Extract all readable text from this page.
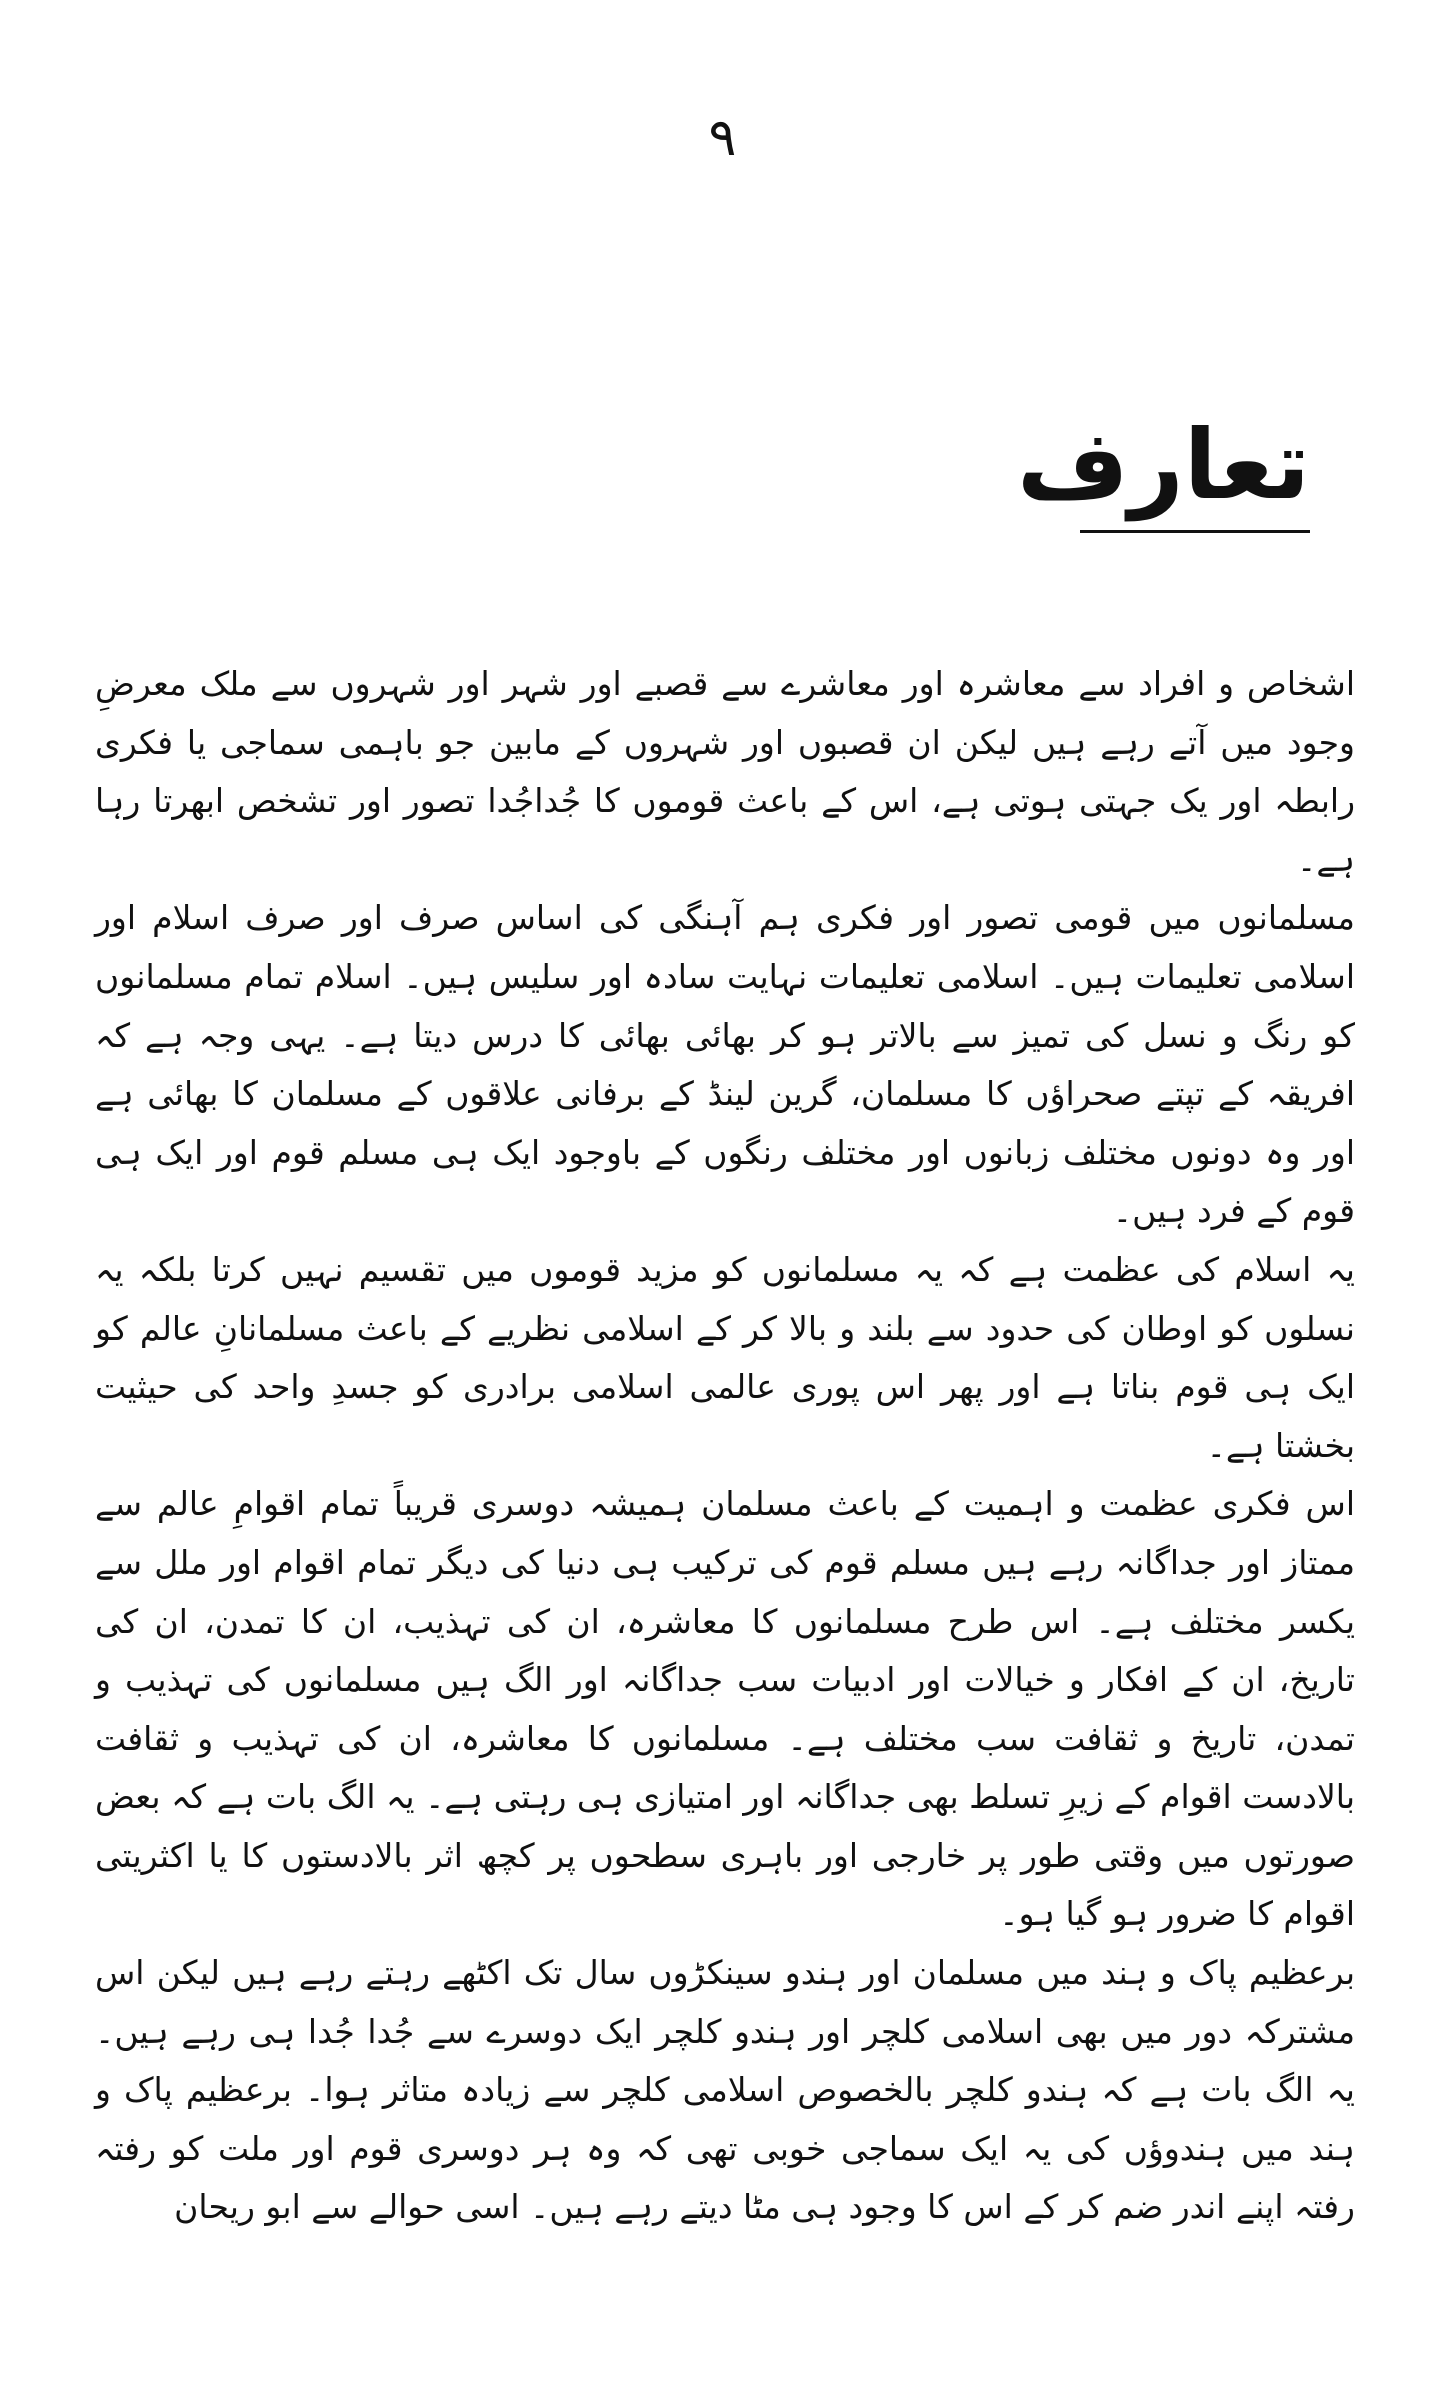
۹
تعارف

اشخاص و افراد سے معاشرہ اور معاشرے سے قصبے اور شہر اور شہروں سے ملک معرضِ وجود میں آتے رہے ہیں لیکن ان قصبوں اور شہروں کے مابین جو باہمی سماجی یا فکری رابطہ اور یک جہتی ہوتی ہے، اس کے باعث قوموں کا جُداجُدا تصور اور تشخص ابھرتا رہا ہے۔

مسلمانوں میں قومی تصور اور فکری ہم آہنگی کی اساس صرف اور صرف اسلام اور اسلامی تعلیمات ہیں۔ اسلامی تعلیمات نہایت سادہ اور سلیس ہیں۔ اسلام تمام مسلمانوں کو رنگ و نسل کی تمیز سے بالاتر ہو کر بھائی بھائی کا درس دیتا ہے۔ یہی وجہ ہے کہ افریقہ کے تپتے صحراؤں کا مسلمان، گرین لینڈ کے برفانی علاقوں کے مسلمان کا بھائی ہے اور وہ دونوں مختلف زبانوں اور مختلف رنگوں کے باوجود ایک ہی مسلم قوم اور ایک ہی قوم کے فرد ہیں۔

یہ اسلام کی عظمت ہے کہ یہ مسلمانوں کو مزید قوموں میں تقسیم نہیں کرتا بلکہ یہ نسلوں کو اوطان کی حدود سے بلند و بالا کر کے اسلامی نظریے کے باعث مسلمانانِ عالم کو ایک ہی قوم بناتا ہے اور پھر اس پوری عالمی اسلامی برادری کو جسدِ واحد کی حیثیت بخشتا ہے۔

اس فکری عظمت و اہمیت کے باعث مسلمان ہمیشہ دوسری قریباً تمام اقوامِ عالم سے ممتاز اور جداگانہ رہے ہیں مسلم قوم کی ترکیب ہی دنیا کی دیگر تمام اقوام اور ملل سے یکسر مختلف ہے۔ اس طرح مسلمانوں کا معاشرہ، ان کی تہذیب، ان کا تمدن، ان کی تاریخ، ان کے افکار و خیالات اور ادبیات سب جداگانہ اور الگ ہیں مسلمانوں کی تہذیب و تمدن، تاریخ و ثقافت سب مختلف ہے۔ مسلمانوں کا معاشرہ، ان کی تہذیب و ثقافت بالادست اقوام کے زیرِ تسلط بھی جداگانہ اور امتیازی ہی رہتی ہے۔ یہ الگ بات ہے کہ بعض صورتوں میں وقتی طور پر خارجی اور باہری سطحوں پر کچھ اثر بالادستوں کا یا اکثریتی اقوام کا ضرور ہو گیا ہو۔

برعظیم پاک و ہند میں مسلمان اور ہندو سینکڑوں سال تک اکٹھے رہتے رہے ہیں لیکن اس مشترکہ دور میں بھی اسلامی کلچر اور ہندو کلچر ایک دوسرے سے جُدا جُدا ہی رہے ہیں۔ یہ الگ بات ہے کہ ہندو کلچر بالخصوص اسلامی کلچر سے زیادہ متاثر ہوا۔ برعظیم پاک و ہند میں ہندوؤں کی یہ ایک سماجی خوبی تھی کہ وہ ہر دوسری قوم اور ملت کو رفتہ رفتہ اپنے اندر ضم کر کے اس کا وجود ہی مٹا دیتے رہے ہیں۔ اسی حوالے سے ابو ریحان
